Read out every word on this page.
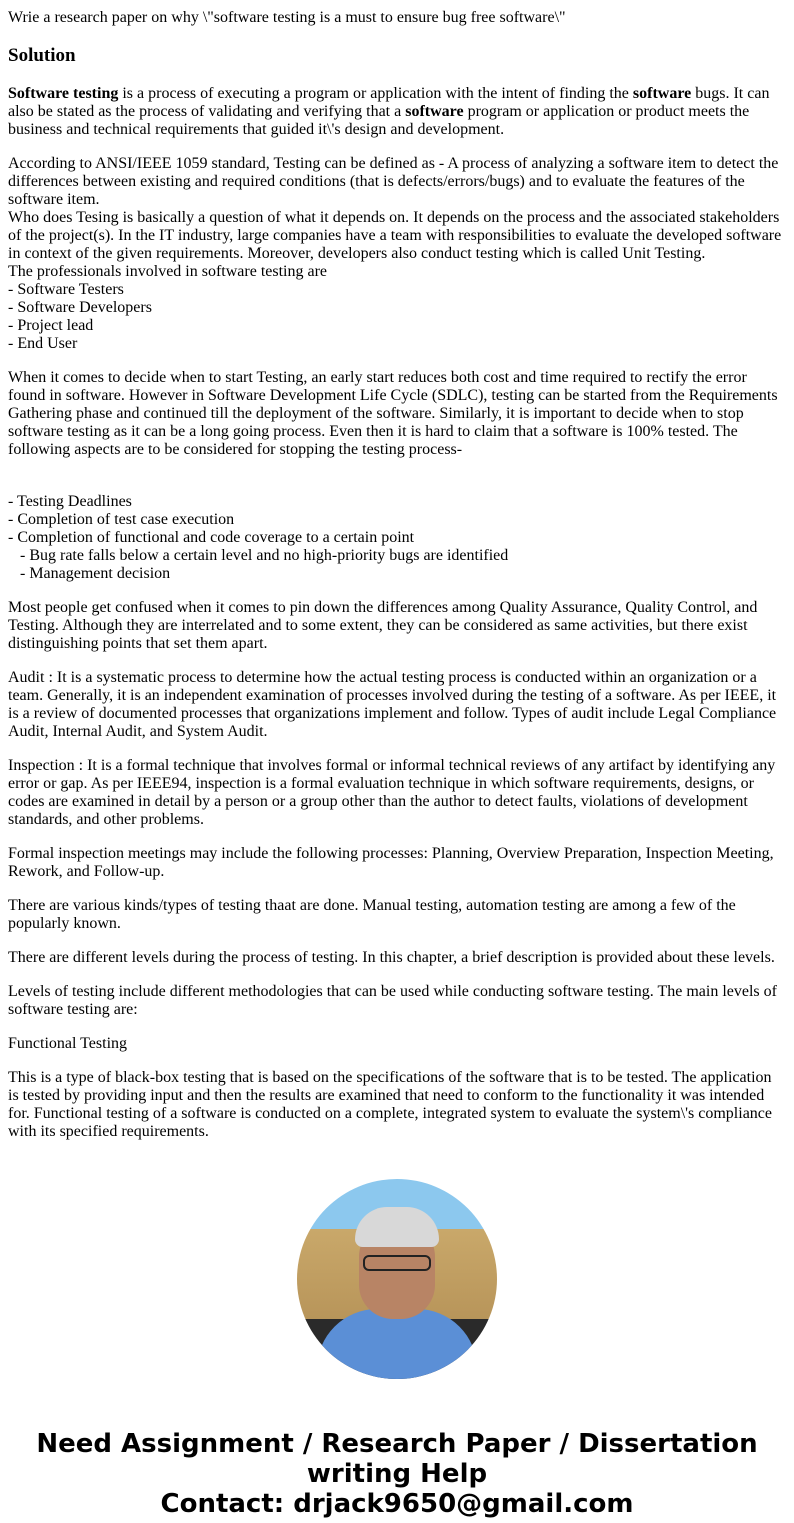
Wrie a research paper on why \"software testing is a must to ensure bug free software\"
Solution

Software testing is a process of executing a program or application with the intent of finding the software bugs. It can also be stated as the process of validating and verifying that a software program or application or product meets the business and technical requirements that guided it\'s design and development.

According to ANSI/IEEE 1059 standard, Testing can be defined as - A process of analyzing a software item to detect the differences between existing and required conditions (that is defects/errors/bugs) and to evaluate the features of the software item.
Who does Tesing is basically a question of what it depends on. It depends on the process and the associated stakeholders of the project(s). In the IT industry, large companies have a team with responsibilities to evaluate the developed software in context of the given requirements. Moreover, developers also conduct testing which is called Unit Testing.
The professionals involved in software testing are
- Software Testers
- Software Developers
- Project lead
- End User

When it comes to decide when to start Testing, an early start reduces both cost and time required to rectify the error found in software. However in Software Development Life Cycle (SDLC), testing can be started from the Requirements Gathering phase and continued till the deployment of the software. Similarly, it is important to decide when to stop software testing as it can be a long going process. Even then it is hard to claim that a software is 100% tested. The following aspects are to be considered for stopping the testing process-

- Testing Deadlines
- Completion of test case execution
- Completion of functional and code coverage to a certain point
- Bug rate falls below a certain level and no high-priority bugs are identified
- Management decision

Most people get confused when it comes to pin down the differences among Quality Assurance, Quality Control, and Testing. Although they are interrelated and to some extent, they can be considered as same activities, but there exist distinguishing points that set them apart.

Audit : It is a systematic process to determine how the actual testing process is conducted within an organization or a team. Generally, it is an independent examination of processes involved during the testing of a software. As per IEEE, it is a review of documented processes that organizations implement and follow. Types of audit include Legal Compliance Audit, Internal Audit, and System Audit.

Inspection : It is a formal technique that involves formal or informal technical reviews of any artifact by identifying any error or gap. As per IEEE94, inspection is a formal evaluation technique in which software requirements, designs, or codes are examined in detail by a person or a group other than the author to detect faults, violations of development standards, and other problems.

Formal inspection meetings may include the following processes: Planning, Overview Preparation, Inspection Meeting, Rework, and Follow-up.

There are various kinds/types of testing thaat are done. Manual testing, automation testing are among a few of the popularly known.

There are different levels during the process of testing. In this chapter, a brief description is provided about these levels.

Levels of testing include different methodologies that can be used while conducting software testing. The main levels of software testing are:

Functional Testing

This is a type of black-box testing that is based on the specifications of the software that is to be tested. The application is tested by providing input and then the results are examined that need to conform to the functionality it was intended for. Functional testing of a software is conducted on a complete, integrated system to evaluate the system\'s compliance with its specified requirements.

Need Assignment / Research Paper / Dissertation writing Help
Contact: drjack9650@gmail.com
